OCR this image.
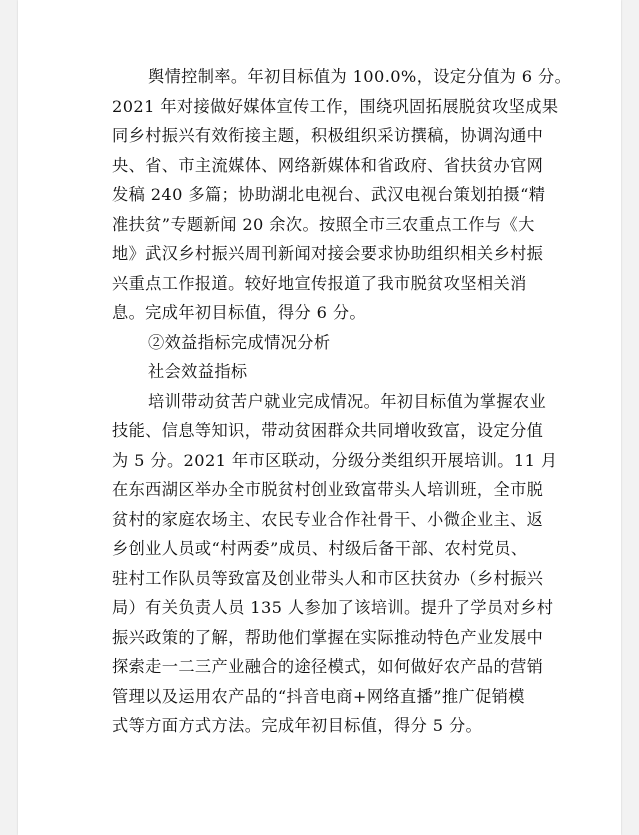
舆情控制率。年初目标值为 100.0%，设定分值为 6 分。
2021 年对接做好媒体宣传工作，围绕巩固拓展脱贫攻坚成果
同乡村振兴有效衔接主题，积极组织采访撰稿，协调沟通中
央、省、市主流媒体、网络新媒体和省政府、省扶贫办官网
发稿 240 多篇；协助湖北电视台、武汉电视台策划拍摄“精
准扶贫”专题新闻 20 余次。按照全市三农重点工作与《大
地》武汉乡村振兴周刊新闻对接会要求协助组织相关乡村振
兴重点工作报道。较好地宣传报道了我市脱贫攻坚相关消
息。完成年初目标值，得分 6 分。
②效益指标完成情况分析
社会效益指标
培训带动贫苦户就业完成情况。年初目标值为掌握农业
技能、信息等知识，带动贫困群众共同增收致富，设定分值
为 5 分。2021 年市区联动，分级分类组织开展培训。11 月
在东西湖区举办全市脱贫村创业致富带头人培训班，全市脱
贫村的家庭农场主、农民专业合作社骨干、小微企业主、返
乡创业人员或“村两委”成员、村级后备干部、农村党员、
驻村工作队员等致富及创业带头人和市区扶贫办（乡村振兴
局）有关负责人员 135 人参加了该培训。提升了学员对乡村
振兴政策的了解，帮助他们掌握在实际推动特色产业发展中
探索走一二三产业融合的途径模式，如何做好农产品的营销
管理以及运用农产品的“抖音电商+网络直播”推广促销模
式等方面方式方法。完成年初目标值，得分 5 分。
